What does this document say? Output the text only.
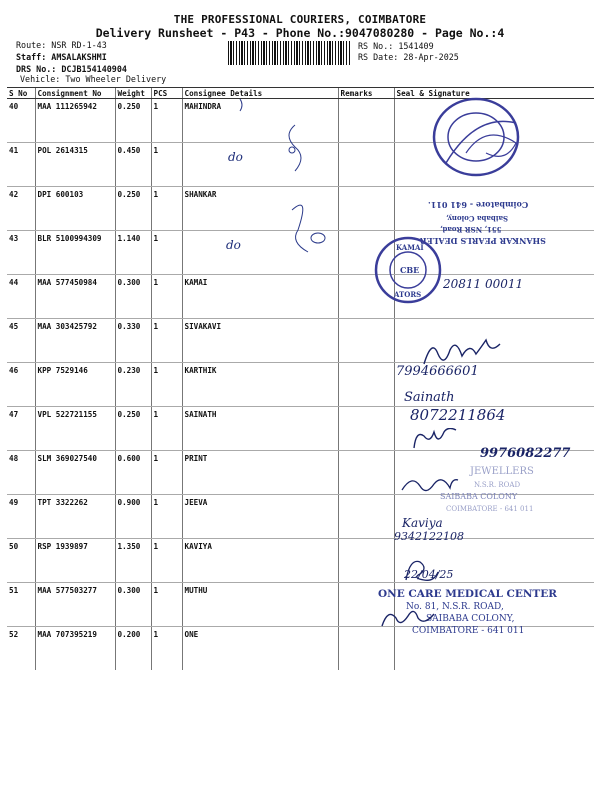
THE PROFESSIONAL COURIERS, COIMBATORE
Delivery Runsheet - P43 - Phone No.:9047080280 - Page No.:4
Route: NSR RD-1-43
Staff: AMSALAKSHMI
DRS No.: DCJB154140904
Vehicle: Two Wheeler Delivery
RS No.: 1541409
RS Date: 28-Apr-2025
S No	Consignment No	Weight	PCS	Consignee Details	Remarks	Seal & Signature
40	MAA 111265942	0.250	1	MAHINDRA		
41	POL 2614315	0.450	1			
42	DPI 600103	0.250	1	SHANKAR		
43	BLR 5100994309	1.140	1			
44	MAA 577450984	0.300	1	KAMAI		
45	MAA 303425792	0.330	1	SIVAKAVI		
46	KPP 7529146	0.230	1	KARTHIK		
47	VPL 522721155	0.250	1	SAINATH		
48	SLM 369027540	0.600	1	PRINT		
49	TPT 3322262	0.900	1	JEEVA		
50	RSP 1939897	1.350	1	KAVIYA		
51	MAA 577503277	0.300	1	MUTHU		
52	MAA 707395219	0.200	1	ONE		
do
do	SHANKAR PEARLS DEALER
551, NSR Road,
Saibaba Colony,
Coimbatore - 641 011.
KAMAI
CBE
ATORS
20811 00011
7994666601
Sainath
8072211864
9976082277
JEWELLERS
N.S.R. ROAD
SAIBABA COLONY
COIMBATORE - 641 011
Kaviya
9342122108
22/04/25
ONE CARE MEDICAL CENTER
No. 81, N.S.R. ROAD,
SAIBABA COLONY,
COIMBATORE - 641 011
